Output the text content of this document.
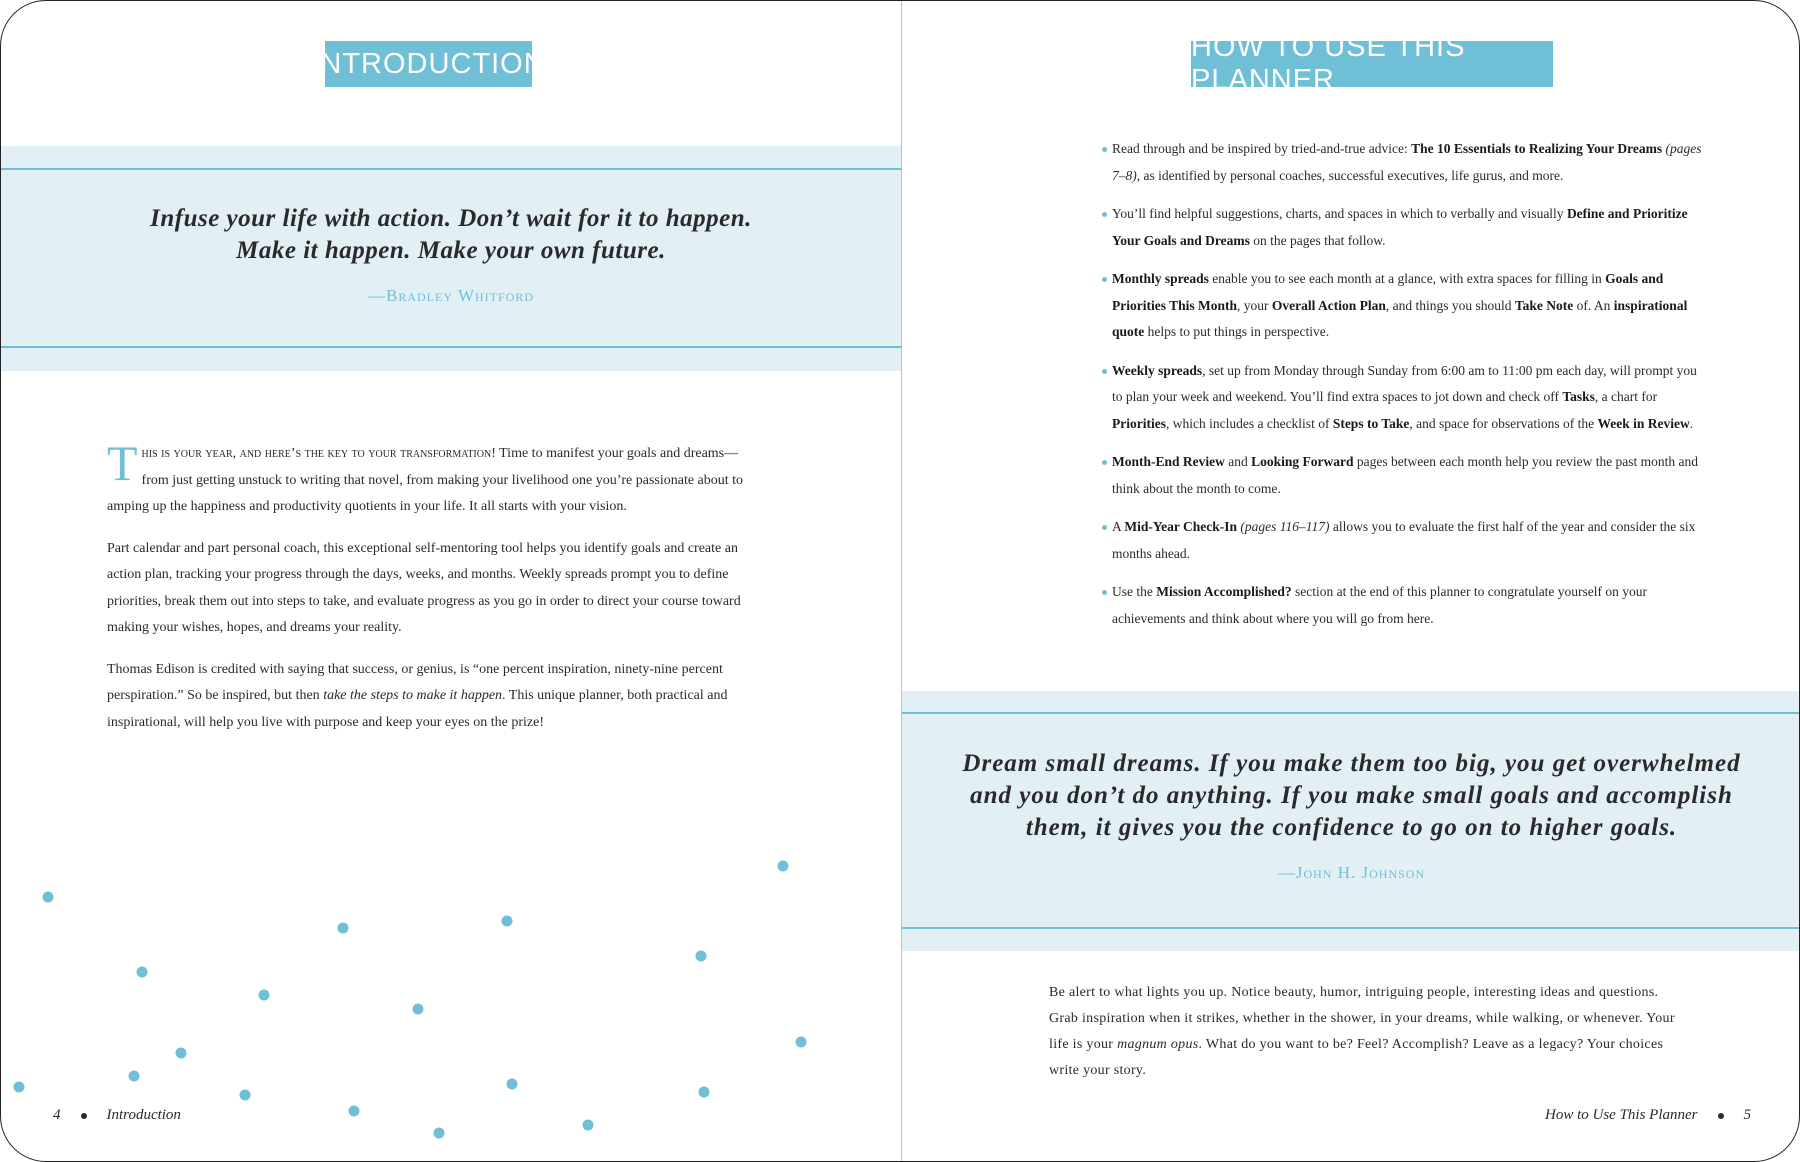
INTRODUCTION
Infuse your life with action. Don’t wait for it to happen.
Make it happen. Make your own future.
—Bradley Whitford

This is your year, and here’s the key to your transformation! Time to manifest your goals and dreams—from just getting unstuck to writing that novel, from making your livelihood one you’re passionate about to amping up the happiness and productivity quotients in your life. It all starts with your vision.

Part calendar and part personal coach, this exceptional self-mentoring tool helps you identify goals and create an action plan, tracking your progress through the days, weeks, and months. Weekly spreads prompt you to define priorities, break them out into steps to take, and evaluate progress as you go in order to direct your course toward making your wishes, hopes, and dreams your reality.

Thomas Edison is credited with saying that success, or genius, is “one percent inspiration, ninety-nine percent perspiration.” So be inspired, but then take the steps to make it happen. This unique planner, both practical and inspirational, will help you live with purpose and keep your eyes on the prize!

4	Introduction
HOW TO USE THIS PLANNER
Read through and be inspired by tried-and-true advice: The 10 Essentials to Realizing Your Dreams (pages 7–8), as identified by personal coaches, successful executives, life gurus, and more.
You’ll find helpful suggestions, charts, and spaces in which to verbally and visually Define and Prioritize Your Goals and Dreams on the pages that follow.
Monthly spreads enable you to see each month at a glance, with extra spaces for filling in Goals and Priorities This Month, your Overall Action Plan, and things you should Take Note of. An inspirational quote helps to put things in perspective.
Weekly spreads, set up from Monday through Sunday from 6:00 am to 11:00 pm each day, will prompt you to plan your week and weekend. You’ll find extra spaces to jot down and check off Tasks, a chart for Priorities, which includes a checklist of Steps to Take, and space for observations of the Week in Review.
Month-End Review and Looking Forward pages between each month help you review the past month and think about the month to come.
A Mid-Year Check-In (pages 116–117) allows you to evaluate the first half of the year and consider the six months ahead.
Use the Mission Accomplished? section at the end of this planner to congratulate yourself on your achievements and think about where you will go from here.
Dream small dreams. If you make them too big, you get overwhelmed
and you don’t do anything. If you make small goals and accomplish
them, it gives you the confidence to go on to higher goals.
—John H. Johnson

Be alert to what lights you up. Notice beauty, humor, intriguing people, interesting ideas and questions. Grab inspiration when it strikes, whether in the shower, in your dreams, while walking, or whenever. Your life is your magnum opus. What do you want to be? Feel? Accomplish? Leave as a legacy? Your choices write your story.

How to Use This Planner	5
